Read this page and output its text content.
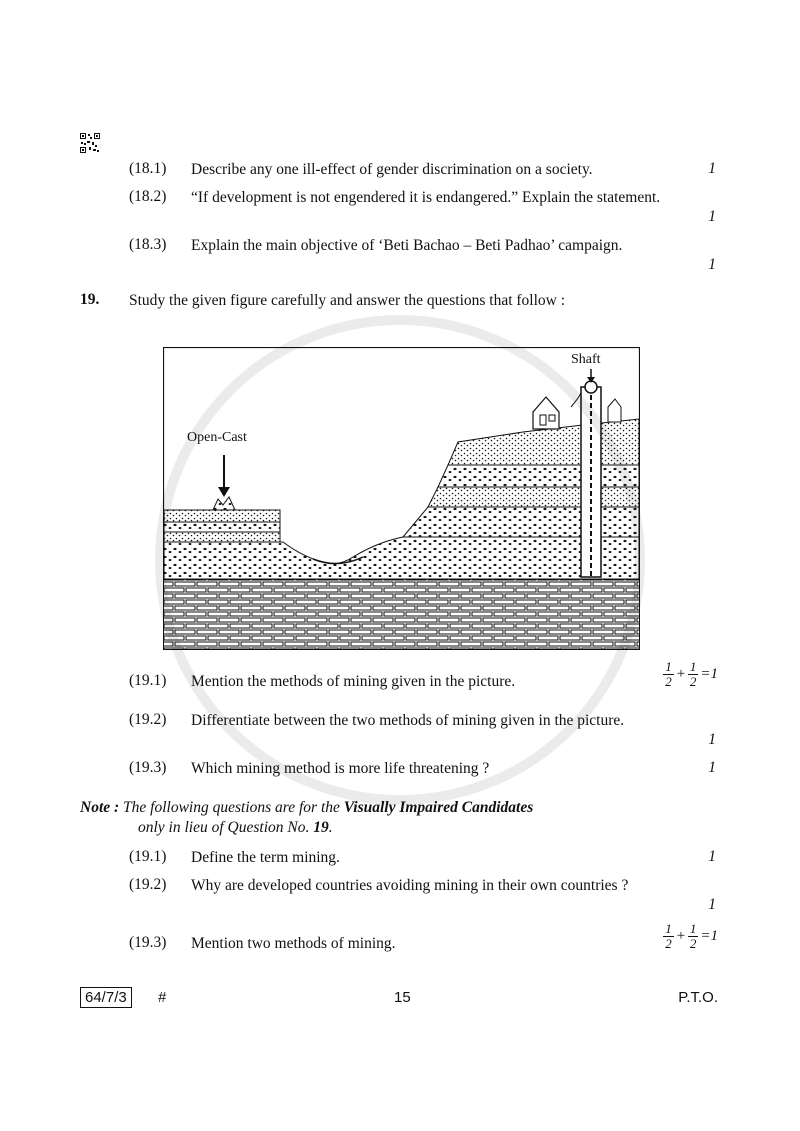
(18.1)	Describe any one ill-effect of gender discrimination on a society.	1
(18.2)	“If development is not engendered it is endangered.” Explain the statement.
1
(18.3)	Explain the main objective of ‘Beti Bachao – Beti Padhao’ campaign.
1
19. Study the given figure carefully and answer the questions that follow :
Open-Cast
Shaft
(19.1)	Mention the methods of mining given in the picture.	$\frac{1}{2} + \frac{1}{2} =1$
(19.2)	Differentiate between the two methods of mining given in the picture.
1
(19.3)	Which mining method is more life threatening ?	1
Note : The following questions are for the Visually Impaired Candidates
only in lieu of Question No. 19.
(19.1)	Define the term mining.	1
(19.2)	Why are developed countries avoiding mining in their own countries ?
1
(19.3)	Mention two methods of mining.	$\frac{1}{2} + \frac{1}{2} =1$
64/7/3	#	15	P.T.O.
